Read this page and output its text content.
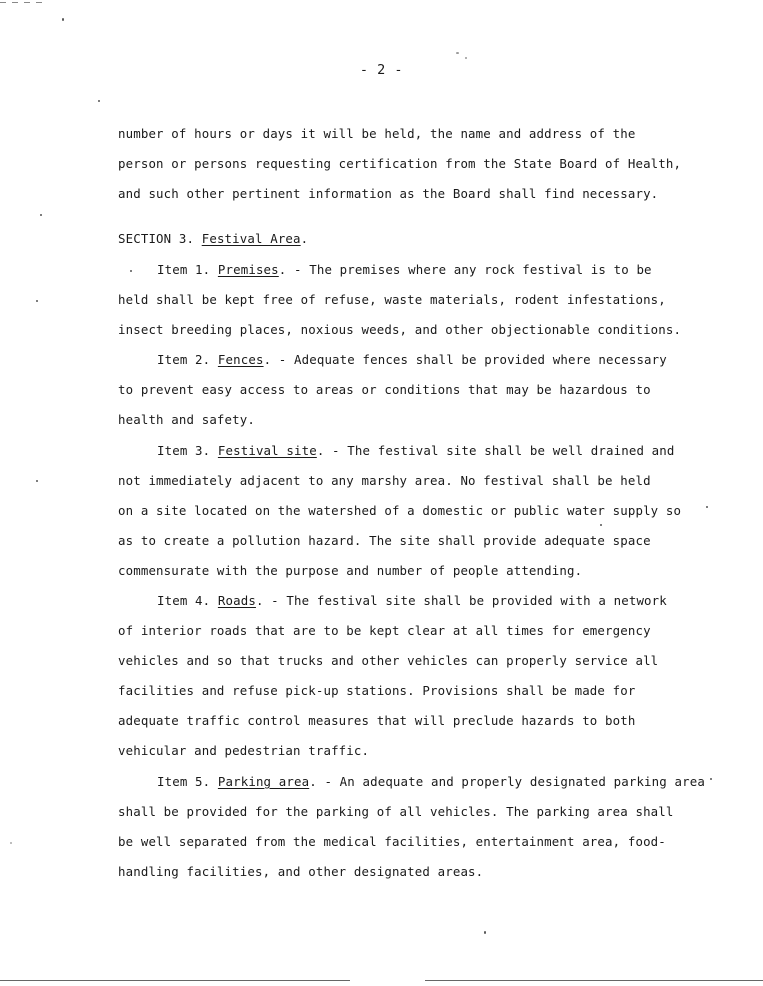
- 2 -
number of hours or days it will be held, the name and address of the
person or persons requesting certification from the State Board of Health,
and such other pertinent information as the Board shall find necessary.
SECTION 3. Festival Area.
Item 1. Premises. - The premises where any rock festival is to be
held shall be kept free of refuse, waste materials, rodent infestations,
insect breeding places, noxious weeds, and other objectionable conditions.
Item 2. Fences. - Adequate fences shall be provided where necessary
to prevent easy access to areas or conditions that may be hazardous to
health and safety.
Item 3. Festival site. - The festival site shall be well drained and
not immediately adjacent to any marshy area. No festival shall be held
on a site located on the watershed of a domestic or public water supply so
as to create a pollution hazard. The site shall provide adequate space
commensurate with the purpose and number of people attending.
Item 4. Roads. - The festival site shall be provided with a network
of interior roads that are to be kept clear at all times for emergency
vehicles and so that trucks and other vehicles can properly service all
facilities and refuse pick-up stations. Provisions shall be made for
adequate traffic control measures that will preclude hazards to both
vehicular and pedestrian traffic.
Item 5. Parking area. - An adequate and properly designated parking area
shall be provided for the parking of all vehicles. The parking area shall
be well separated from the medical facilities, entertainment area, food-
handling facilities, and other designated areas.
